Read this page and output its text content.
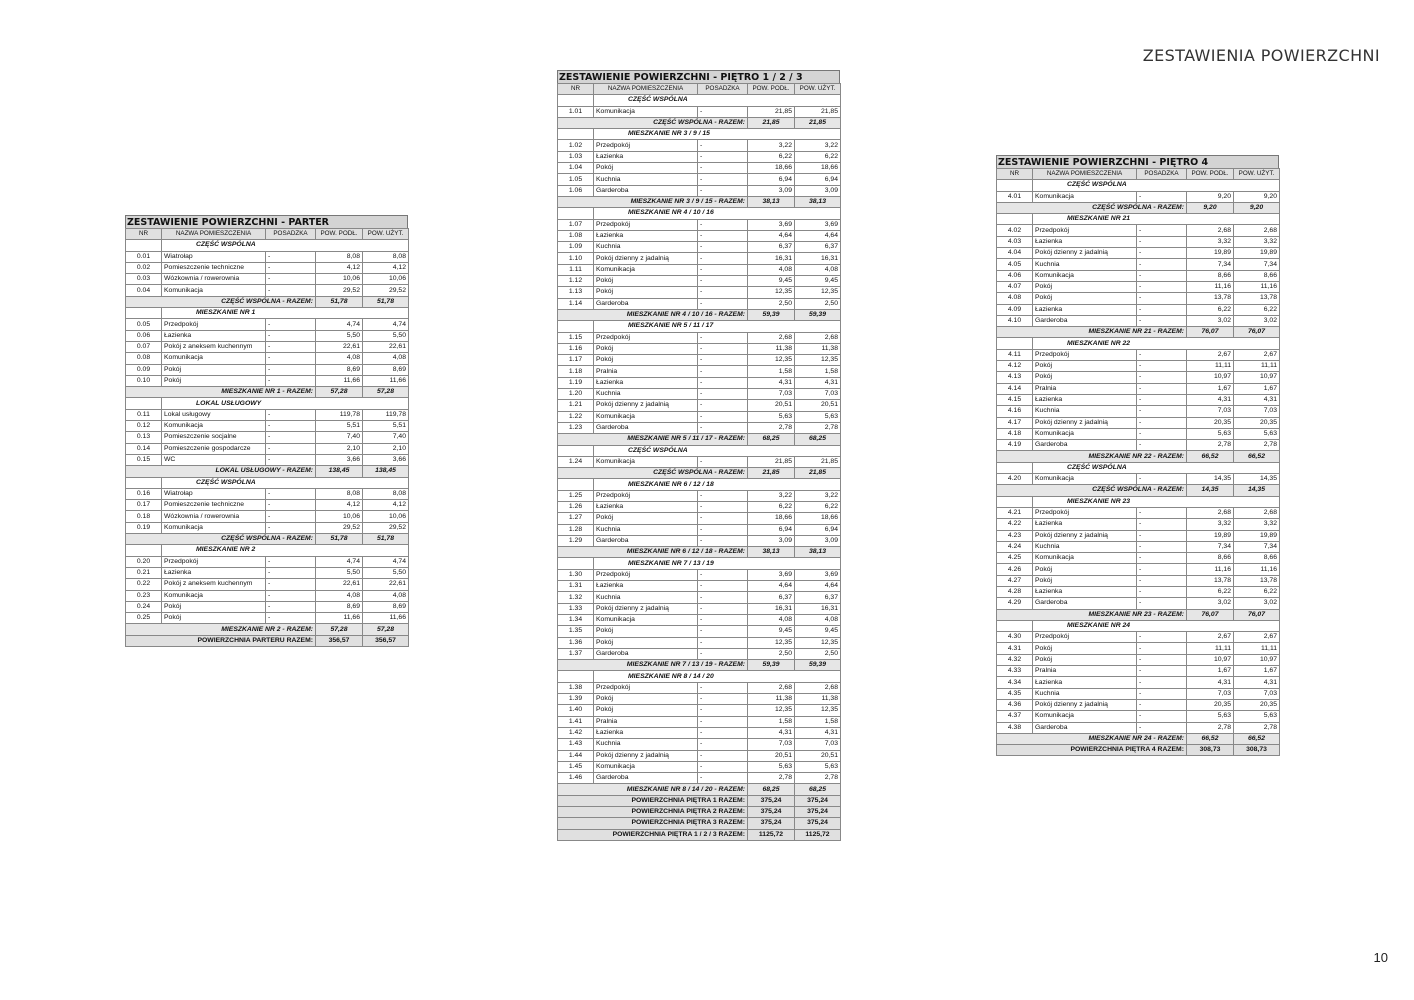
ZESTAWIENIA POWIERZCHNI
ZESTAWIENIE POWIERZCHNI - PARTER
NR	NAZWA POMIESZCZENIA	POSADZKA	POW. PODŁ.	POW. UŻYT.
	CZĘŚĆ WSPÓLNA			
0.01	Wiatrołap	-	8,08	8,08
0.02	Pomieszczenie techniczne	-	4,12	4,12
0.03	Wózkownia / rowerownia	-	10,06	10,06
0.04	Komunikacja	-	29,52	29,52
CZĘŚĆ WSPÓLNA - RAZEM:			51,78	51,78
	MIESZKANIE NR 1			
0.05	Przedpokój	-	4,74	4,74
0.06	Łazienka	-	5,50	5,50
0.07	Pokój z aneksem kuchennym	-	22,61	22,61
0.08	Komunikacja	-	4,08	4,08
0.09	Pokój	-	8,69	8,69
0.10	Pokój	-	11,66	11,66
MIESZKANIE NR 1 - RAZEM:			57,28	57,28
	LOKAL USŁUGOWY			
0.11	Lokal usługowy	-	119,78	119,78
0.12	Komunikacja	-	5,51	5,51
0.13	Pomieszczenie socjalne	-	7,40	7,40
0.14	Pomieszczenie gospodarcze	-	2,10	2,10
0.15	WC	-	3,66	3,66
LOKAL USŁUGOWY - RAZEM:			138,45	138,45
	CZĘŚĆ WSPÓLNA			
0.16	Wiatrołap	-	8,08	8,08
0.17	Pomieszczenie techniczne	-	4,12	4,12
0.18	Wózkownia / rowerownia	-	10,06	10,06
0.19	Komunikacja	-	29,52	29,52
CZĘŚĆ WSPÓLNA - RAZEM:			51,78	51,78
	MIESZKANIE NR 2			
0.20	Przedpokój	-	4,74	4,74
0.21	Łazienka	-	5,50	5,50
0.22	Pokój z aneksem kuchennym	-	22,61	22,61
0.23	Komunikacja	-	4,08	4,08
0.24	Pokój	-	8,69	8,69
0.25	Pokój	-	11,66	11,66
MIESZKANIE NR 2 - RAZEM:			57,28	57,28
POWIERZCHNIA PARTERU RAZEM:			356,57	356,57
ZESTAWIENIE POWIERZCHNI - PIĘTRO 1 / 2 / 3
NR	NAZWA POMIESZCZENIA	POSADZKA	POW. PODŁ.	POW. UŻYT.
	CZĘŚĆ WSPÓLNA			
1.01	Komunikacja	-	21,85	21,85
CZĘŚĆ WSPÓLNA - RAZEM:			21,85	21,85
	MIESZKANIE NR 3 / 9 / 15			
1.02	Przedpokój	-	3,22	3,22
1.03	Łazienka	-	6,22	6,22
1.04	Pokój	-	18,66	18,66
1.05	Kuchnia	-	6,94	6,94
1.06	Garderoba	-	3,09	3,09
MIESZKANIE NR 3 / 9 / 15 - RAZEM:			38,13	38,13
	MIESZKANIE NR 4 / 10 / 16			
1.07	Przedpokój	-	3,69	3,69
1.08	Łazienka	-	4,64	4,64
1.09	Kuchnia	-	6,37	6,37
1.10	Pokój dzienny z jadalnią	-	16,31	16,31
1.11	Komunikacja	-	4,08	4,08
1.12	Pokój	-	9,45	9,45
1.13	Pokój	-	12,35	12,35
1.14	Garderoba	-	2,50	2,50
MIESZKANIE NR 4 / 10 / 16 - RAZEM:			59,39	59,39
	MIESZKANIE NR 5 / 11 / 17			
1.15	Przedpokój	-	2,68	2,68
1.16	Pokój	-	11,38	11,38
1.17	Pokój	-	12,35	12,35
1.18	Pralnia	-	1,58	1,58
1.19	Łazienka	-	4,31	4,31
1.20	Kuchnia	-	7,03	7,03
1.21	Pokój dzienny z jadalnią	-	20,51	20,51
1.22	Komunikacja	-	5,63	5,63
1.23	Garderoba	-	2,78	2,78
MIESZKANIE NR 5 / 11 / 17 - RAZEM:			68,25	68,25
	CZĘŚĆ WSPÓLNA			
1.24	Komunikacja	-	21,85	21,85
CZĘŚĆ WSPÓLNA - RAZEM:			21,85	21,85
	MIESZKANIE NR 6 / 12 / 18			
1.25	Przedpokój	-	3,22	3,22
1.26	Łazienka	-	6,22	6,22
1.27	Pokój	-	18,66	18,66
1.28	Kuchnia	-	6,94	6,94
1.29	Garderoba	-	3,09	3,09
MIESZKANIE NR 6 / 12 / 18 - RAZEM:			38,13	38,13
	MIESZKANIE NR 7 / 13 / 19			
1.30	Przedpokój	-	3,69	3,69
1.31	Łazienka	-	4,64	4,64
1.32	Kuchnia	-	6,37	6,37
1.33	Pokój dzienny z jadalnią	-	16,31	16,31
1.34	Komunikacja	-	4,08	4,08
1.35	Pokój	-	9,45	9,45
1.36	Pokój	-	12,35	12,35
1.37	Garderoba	-	2,50	2,50
MIESZKANIE NR 7 / 13 / 19 - RAZEM:			59,39	59,39
	MIESZKANIE NR 8 / 14 / 20			
1.38	Przedpokój	-	2,68	2,68
1.39	Pokój	-	11,38	11,38
1.40	Pokój	-	12,35	12,35
1.41	Pralnia	-	1,58	1,58
1.42	Łazienka	-	4,31	4,31
1.43	Kuchnia	-	7,03	7,03
1.44	Pokój dzienny z jadalnią	-	20,51	20,51
1.45	Komunikacja	-	5,63	5,63
1.46	Garderoba	-	2,78	2,78
MIESZKANIE NR 8 / 14 / 20 - RAZEM:			68,25	68,25
POWIERZCHNIA PIĘTRA 1 RAZEM:			375,24	375,24
POWIERZCHNIA PIĘTRA 2 RAZEM:			375,24	375,24
POWIERZCHNIA PIĘTRA 3 RAZEM:			375,24	375,24
POWIERZCHNIA PIĘTRA 1 / 2 / 3 RAZEM:			1125,72	1125,72
ZESTAWIENIE POWIERZCHNI - PIĘTRO 4
NR	NAZWA POMIESZCZENIA	POSADZKA	POW. PODŁ.	POW. UŻYT.
	CZĘŚĆ WSPÓLNA			
4.01	Komunikacja	-	9,20	9,20
CZĘŚĆ WSPÓLNA - RAZEM:			9,20	9,20
	MIESZKANIE NR 21			
4.02	Przedpokój	-	2,68	2,68
4.03	Łazienka	-	3,32	3,32
4.04	Pokój dzienny z jadalnią	-	19,89	19,89
4.05	Kuchnia	-	7,34	7,34
4.06	Komunikacja	-	8,66	8,66
4.07	Pokój	-	11,16	11,16
4.08	Pokój	-	13,78	13,78
4.09	Łazienka	-	6,22	6,22
4.10	Garderoba	-	3,02	3,02
MIESZKANIE NR 21 - RAZEM:			76,07	76,07
	MIESZKANIE NR 22			
4.11	Przedpokój	-	2,67	2,67
4.12	Pokój	-	11,11	11,11
4.13	Pokój	-	10,97	10,97
4.14	Pralnia	-	1,67	1,67
4.15	Łazienka	-	4,31	4,31
4.16	Kuchnia	-	7,03	7,03
4.17	Pokój dzienny z jadalnią	-	20,35	20,35
4.18	Komunikacja	-	5,63	5,63
4.19	Garderoba	-	2,78	2,78
MIESZKANIE NR 22 - RAZEM:			66,52	66,52
	CZĘŚĆ WSPÓLNA			
4.20	Komunikacja	-	14,35	14,35
CZĘŚĆ WSPÓLNA - RAZEM:			14,35	14,35
	MIESZKANIE NR 23			
4.21	Przedpokój	-	2,68	2,68
4.22	Łazienka	-	3,32	3,32
4.23	Pokój dzienny z jadalnią	-	19,89	19,89
4.24	Kuchnia	-	7,34	7,34
4.25	Komunikacja	-	8,66	8,66
4.26	Pokój	-	11,16	11,16
4.27	Pokój	-	13,78	13,78
4.28	Łazienka	-	6,22	6,22
4.29	Garderoba	-	3,02	3,02
MIESZKANIE NR 23 - RAZEM:			76,07	76,07
	MIESZKANIE NR 24			
4.30	Przedpokój	-	2,67	2,67
4.31	Pokój	-	11,11	11,11
4.32	Pokój	-	10,97	10,97
4.33	Pralnia	-	1,67	1,67
4.34	Łazienka	-	4,31	4,31
4.35	Kuchnia	-	7,03	7,03
4.36	Pokój dzienny z jadalnią	-	20,35	20,35
4.37	Komunikacja	-	5,63	5,63
4.38	Garderoba	-	2,78	2,78
MIESZKANIE NR 24 - RAZEM:			66,52	66,52
POWIERZCHNIA PIĘTRA 4 RAZEM:			308,73	308,73
10
